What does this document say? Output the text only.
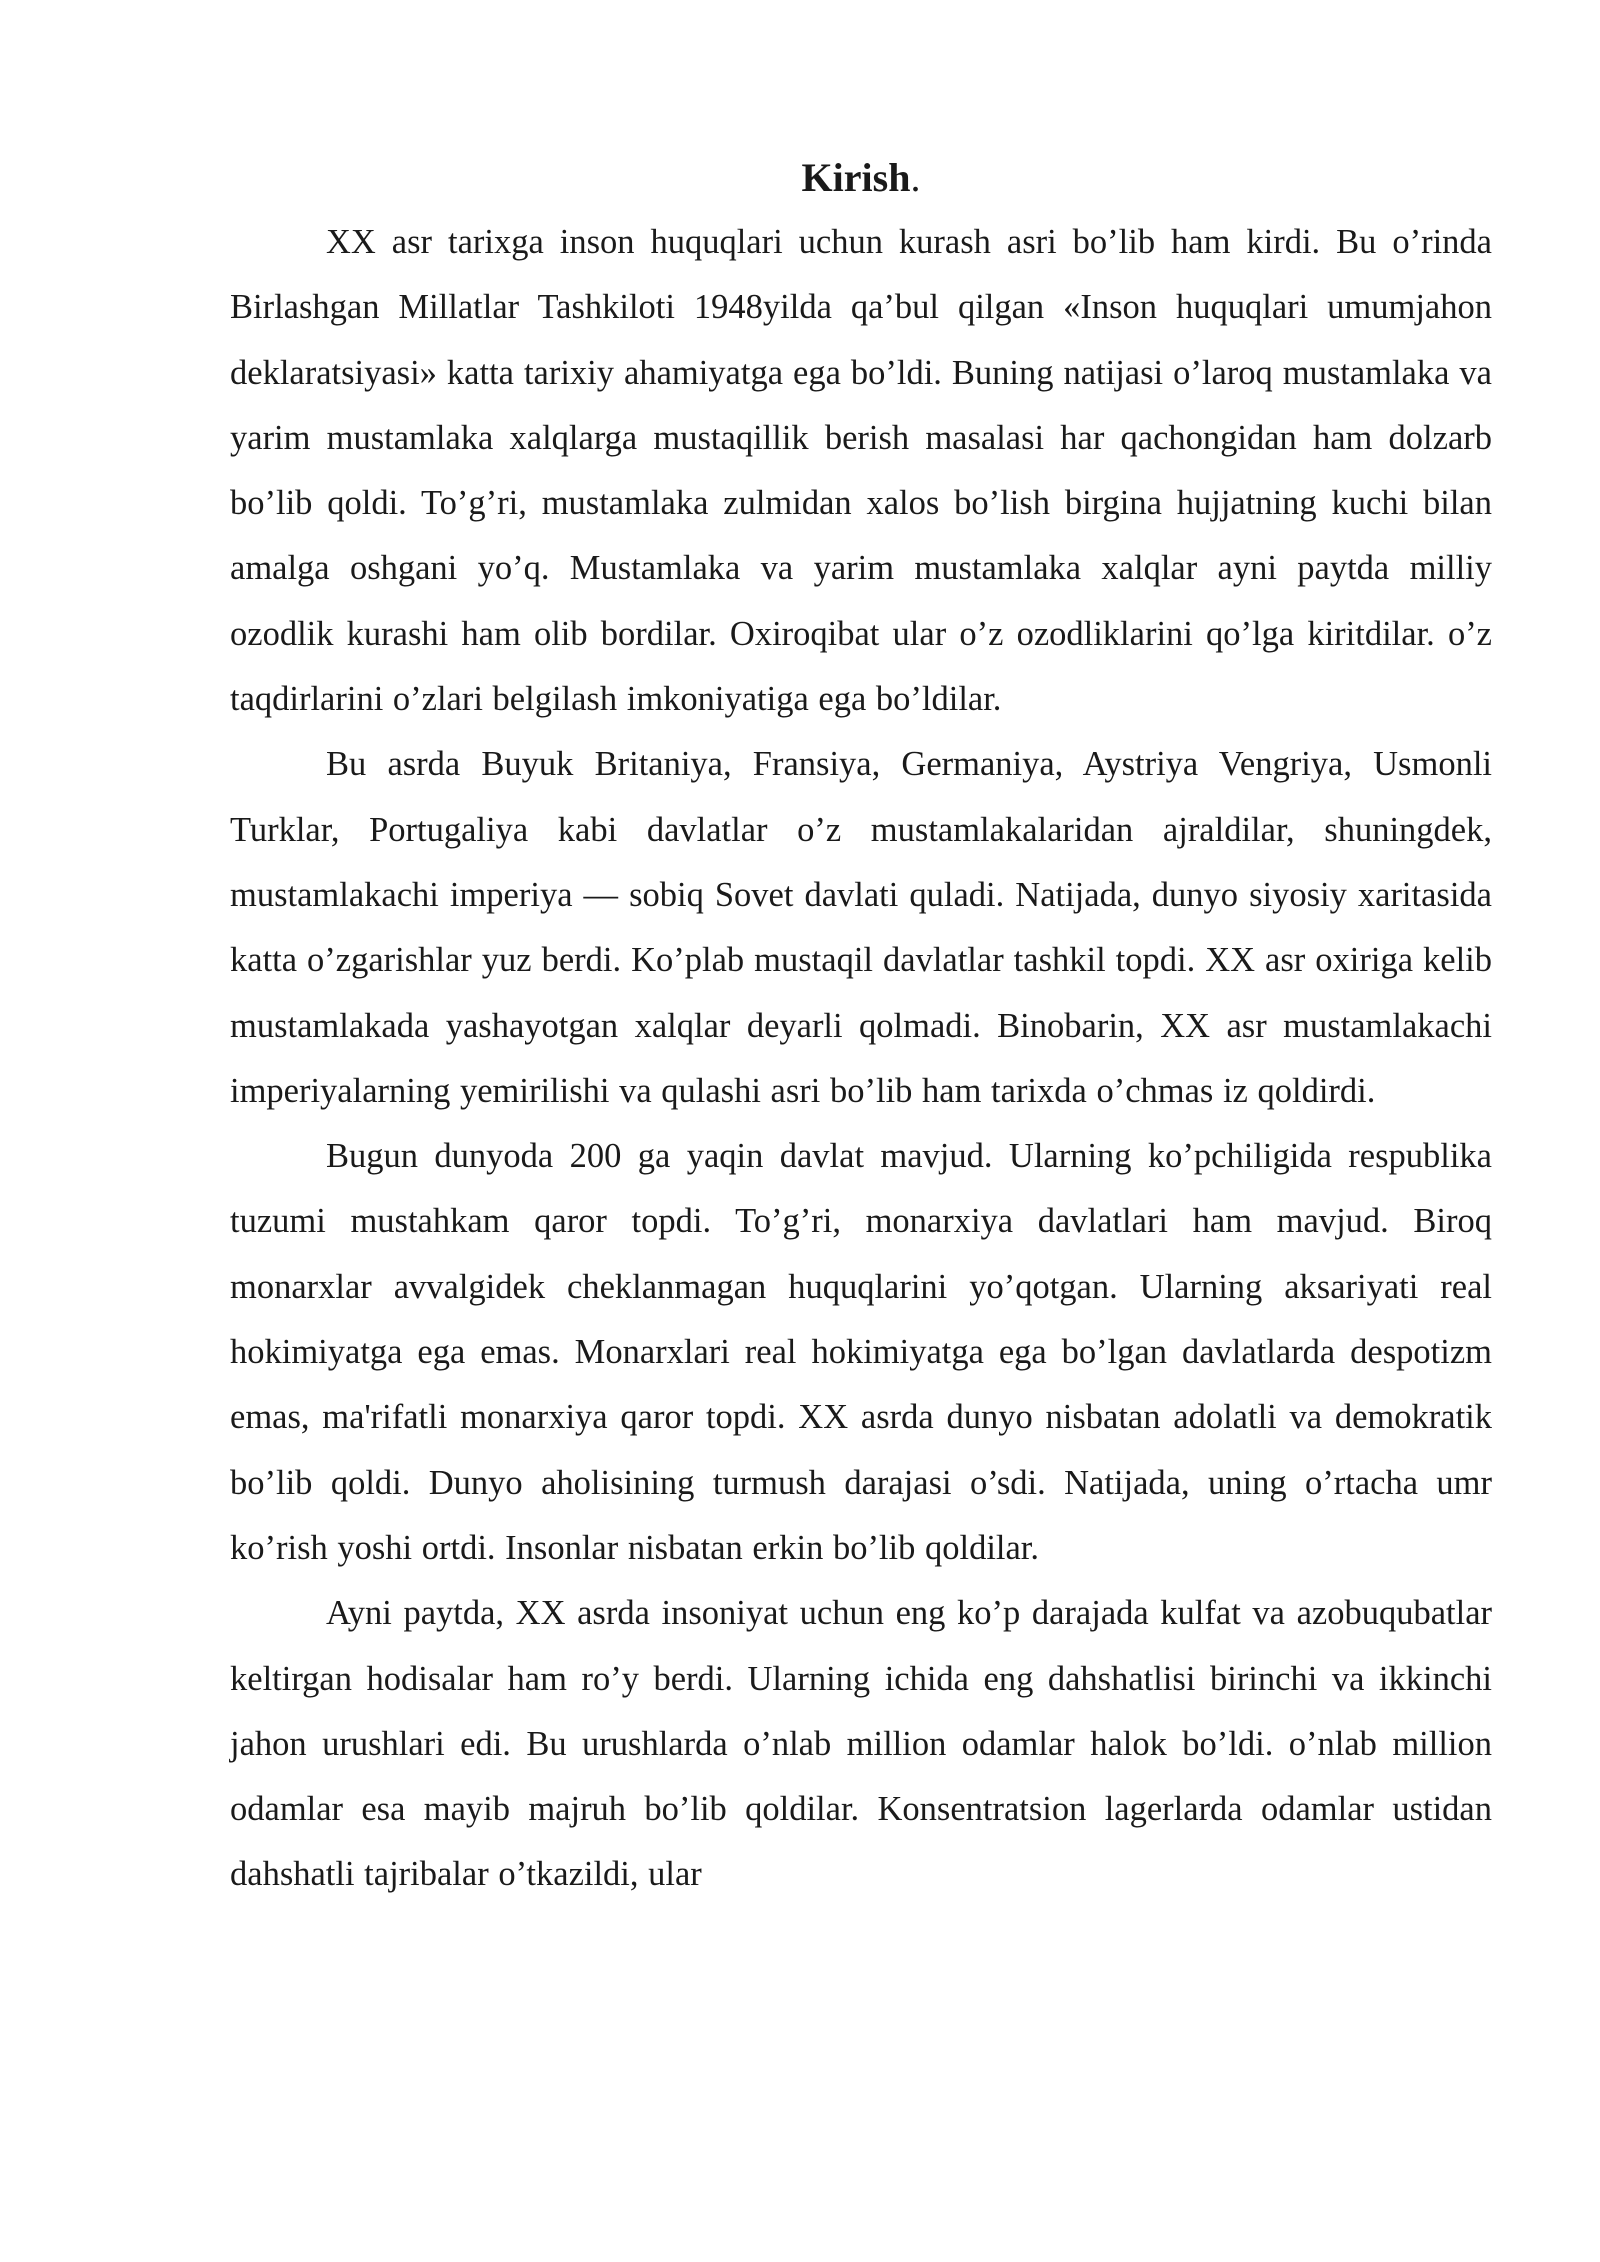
Kirish.

XX asr tarixga inson huquqlari uchun kurash asri bo’lib ham kirdi. Bu o’rinda Birlashgan Millatlar Tashkiloti 1948yilda qa’bul qilgan «Inson huquqlari umumjahon deklaratsiyasi» katta tarixiy ahamiyatga ega bo’ldi. Buning natijasi o’laroq mustamlaka va yarim mustamlaka xalqlarga mustaqillik berish masalasi har qachongidan ham dolzarb bo’lib qoldi. To’g’ri, mustamlaka zulmidan xalos bo’lish birgina hujjatning kuchi bilan amalga oshgani yo’q. Mustamlaka va yarim mustamlaka xalqlar ayni paytda milliy ozodlik kurashi ham olib bordilar. Oxiroqibat ular o’z ozodliklarini qo’lga kiritdilar. o’z taqdirlarini o’zlari belgilash imkoniyatiga ega bo’ldilar.

Bu asrda Buyuk Britaniya, Fransiya, Germaniya, Aystriya Vengriya, Usmonli Turklar, Portugaliya kabi davlatlar o’z mustamlakalaridan ajraldilar, shuningdek, mustamlakachi imperiya — sobiq Sovet davlati quladi. Natijada, dunyo siyosiy xaritasida katta o’zgarishlar yuz berdi. Ko’plab mustaqil davlatlar tashkil topdi. XX asr oxiriga kelib mustamlakada yashayotgan xalqlar deyarli qolmadi. Binobarin, XX asr mustamlakachi imperiyalarning yemirilishi va qulashi asri bo’lib ham tarixda o’chmas iz qoldirdi.

Bugun dunyoda 200 ga yaqin davlat mavjud. Ularning ko’pchiligida respublika tuzumi mustahkam qaror topdi. To’g’ri, monarxiya davlatlari ham mavjud. Biroq monarxlar avvalgidek cheklanmagan huquqlarini yo’qotgan. Ularning aksariyati real hokimiyatga ega emas. Monarxlari real hokimiyatga ega bo’lgan davlatlarda despotizm emas, ma'rifatli monarxiya qaror topdi. XX asrda dunyo nisbatan adolatli va demokratik bo’lib qoldi. Dunyo aholisining turmush darajasi o’sdi. Natijada, uning o’rtacha umr ko’rish yoshi ortdi. Insonlar nisbatan erkin bo’lib qoldilar.

Ayni paytda, XX asrda insoniyat uchun eng ko’p darajada kulfat va azobuqubatlar keltirgan hodisalar ham ro’y berdi. Ularning ichida eng dahshatlisi birinchi va ikkinchi jahon urushlari edi. Bu urushlarda o’nlab million odamlar halok bo’ldi. o’nlab million odamlar esa mayib majruh bo’lib qoldilar. Konsentratsion lagerlarda odamlar ustidan dahshatli tajribalar o’tkazildi, ular
